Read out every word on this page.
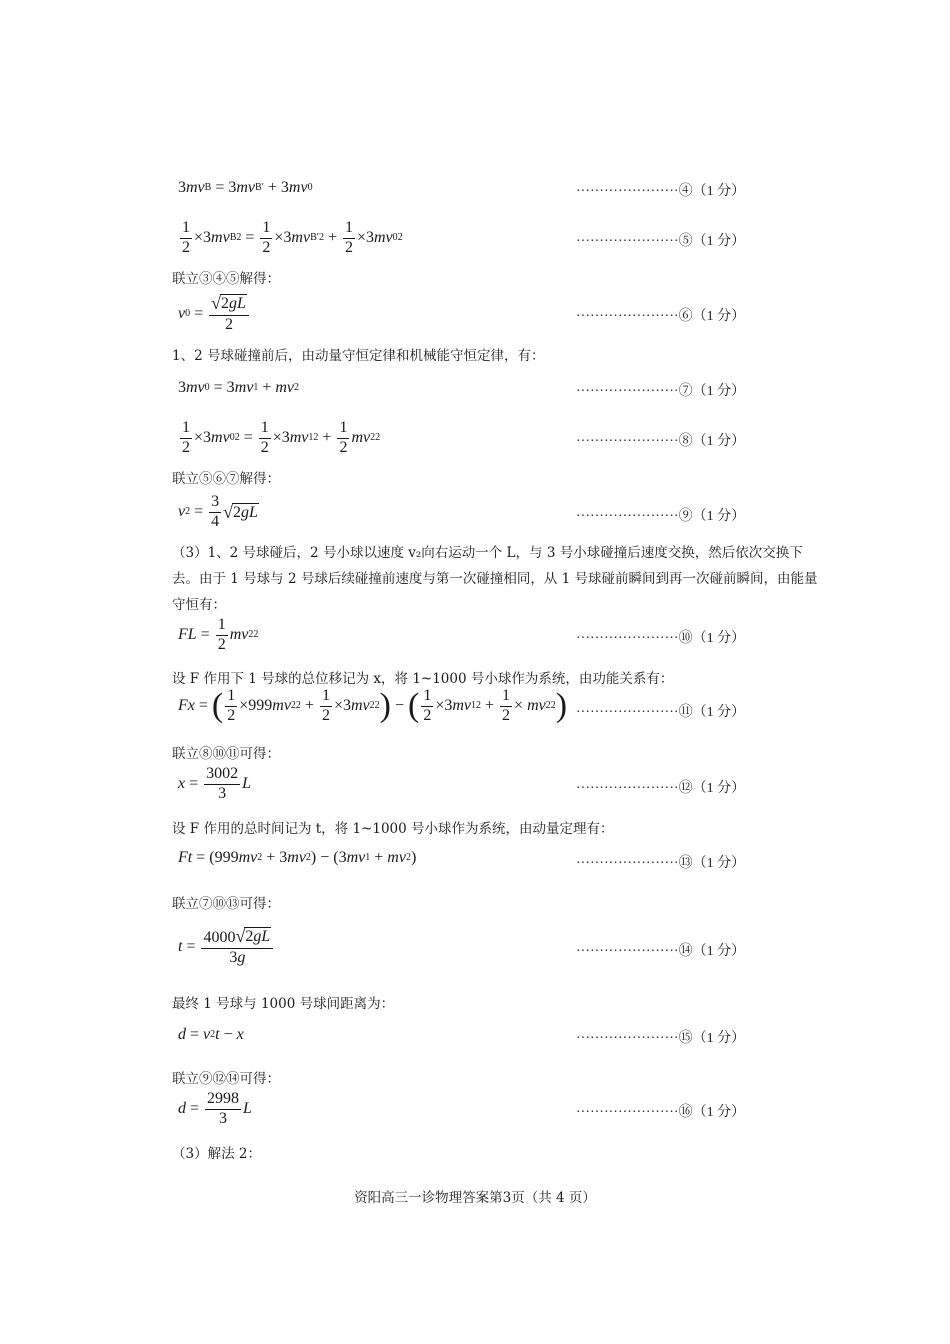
3 mv B = 3 mv B ′ + 3 mv 0	······················④（1 分）
$\frac{1}{2} \times 3$ mv B $2 = \frac{1}{2} \times 3$ mv B $'2 + \frac{1}{2} \times 3$ mv 0 2	······················⑤（1 分）
联立③④⑤解得：
v $0 = \frac{√ 2gL}{2}$	······················⑥（1 分）
1、2 号球碰撞前后，由动量守恒定律和机械能守恒定律，有：
3 mv 0 = 3 mv 1 + mv 2	······················⑦（1 分）
$\frac{1}{2} \times 3$ mv 0 $2 = \frac{1}{2} \times 3$ mv 1 $2 + \frac{1}{2}$ mv 2 2	······················⑧（1 分）
联立⑤⑥⑦解得：
v $2 = \frac{3}{4}$ √ 2gL	······················⑨（1 分）
（3）1、2 号球碰后，2 号小球以速度 v₂向右运动一个 L，与 3 号小球碰撞后速度交换，然后依次交换下去。由于 1 号球与 2 号球后续碰撞前速度与第一次碰撞相同，从 1 号球碰前瞬间到再一次碰前瞬间，由能量守恒有：
FL = $\frac{1}{2}$ mv 2 2	······················⑩（1 分）
设 F 作用下 1 号球的总位移记为 x，将 1~1000 号小球作为系统，由功能关系有：
Fx = ( $\frac{1}{2} \times 999$ mv 2 $2 + \frac{1}{2} \times 3$ mv 2 2 ) − ( $\frac{1}{2} \times 3$ mv 1 $2 + \frac{1}{2}$ × mv 2 2 ) ······················⑪（1 分）
联立⑧⑩⑪可得：
$x = \frac{3002}{3}$ L	······················⑫（1 分）
设 F 作用的总时间记为 t，将 1~1000 号小球作为系统，由动量定理有：
Ft = (999 mv 2 + 3 mv 2 ) − (3 mv 1 + mv 2 )	······················⑬（1 分）
联立⑦⑩⑬可得：
$t = \frac{4000 √ 2gL}{3g}$	······················⑭（1 分）
最终 1 号球与 1000 号球间距离为：
d = v 2 t − x	······················⑮（1 分）
联立⑨⑫⑭可得：
$d = \frac{2998}{3}$ L	······················⑯（1 分）
（3）解法 2：
资阳高三一诊物理答案第3页（共 4 页）
